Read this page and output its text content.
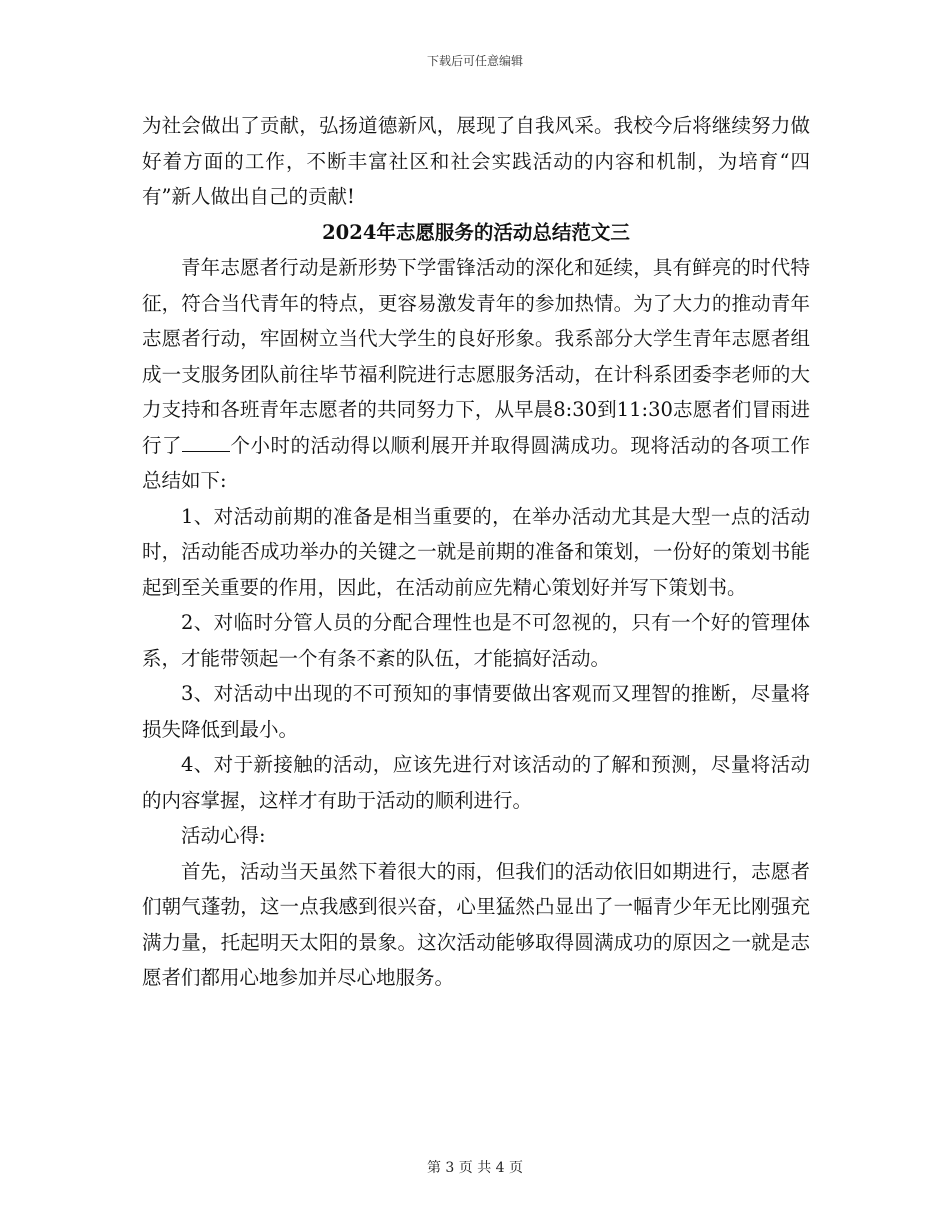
下载后可任意编辑

为社会做出了贡献，弘扬道德新风，展现了自我风采。我校今后将继续努力做好着方面的工作，不断丰富社区和社会实践活动的内容和机制，为培育“四有”新人做出自己的贡献!

2024年志愿服务的活动总结范文三

青年志愿者行动是新形势下学雷锋活动的深化和延续，具有鲜亮的时代特征，符合当代青年的特点，更容易激发青年的参加热情。为了大力的推动青年志愿者行动，牢固树立当代大学生的良好形象。我系部分大学生青年志愿者组成一支服务团队前往毕节福利院进行志愿服务活动，在计科系团委李老师的大力支持和各班青年志愿者的共同努力下，从早晨8:30到11:30志愿者们冒雨进行了 个小时的活动得以顺利展开并取得圆满成功。现将活动的各项工作总结如下:

1、对活动前期的准备是相当重要的，在举办活动尤其是大型一点的活动时，活动能否成功举办的关键之一就是前期的准备和策划，一份好的策划书能起到至关重要的作用，因此，在活动前应先精心策划好并写下策划书。

2、对临时分管人员的分配合理性也是不可忽视的，只有一个好的管理体系，才能带领起一个有条不紊的队伍，才能搞好活动。

3、对活动中出现的不可预知的事情要做出客观而又理智的推断，尽量将损失降低到最小。

4、对于新接触的活动，应该先进行对该活动的了解和预测，尽量将活动的内容掌握，这样才有助于活动的顺利进行。

活动心得:

首先，活动当天虽然下着很大的雨，但我们的活动依旧如期进行，志愿者们朝气蓬勃，这一点我感到很兴奋，心里猛然凸显出了一幅青少年无比刚强充满力量，托起明天太阳的景象。这次活动能够取得圆满成功的原因之一就是志愿者们都用心地参加并尽心地服务。

第 3 页 共 4 页
